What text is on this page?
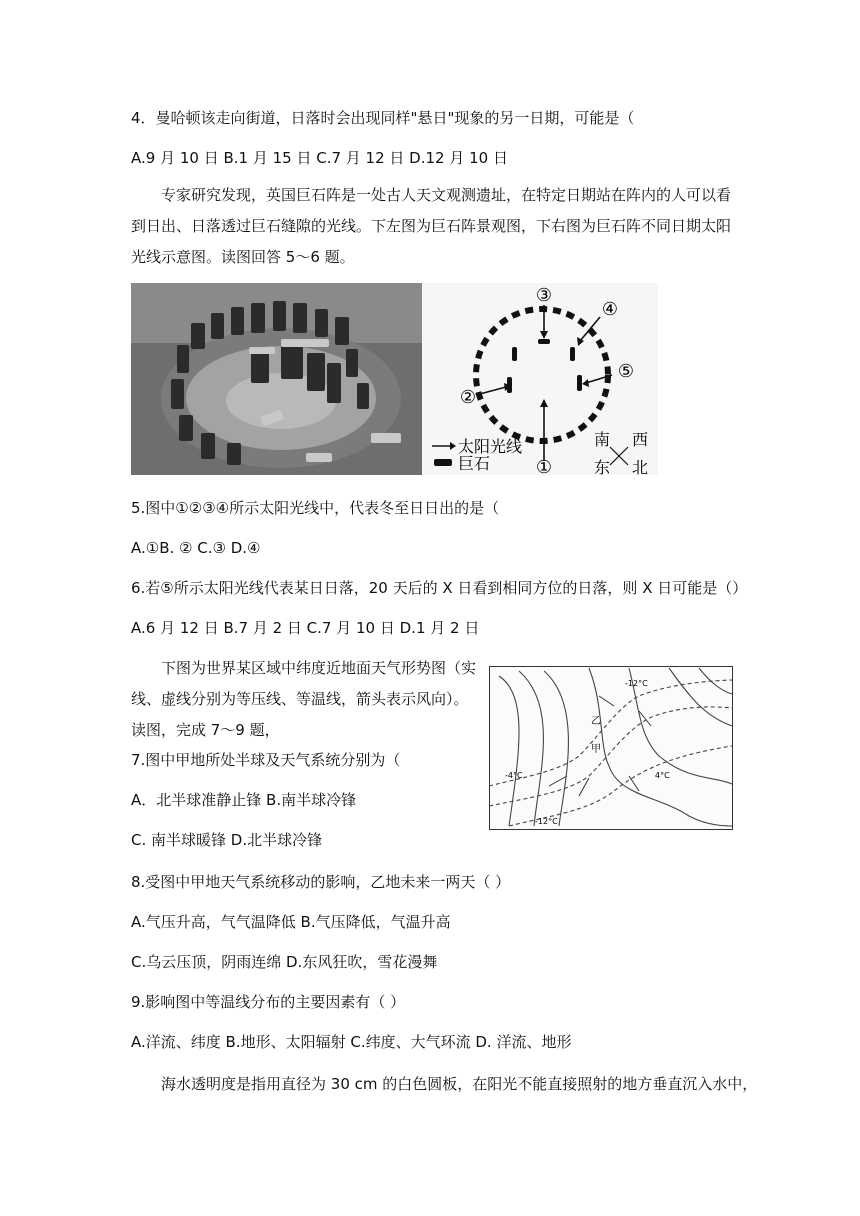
4．曼哈顿该走向街道，日落时会出现同样"悬日"现象的另一日期，可能是（
A.9 月 10 日 B.1 月 15 日 C.7 月 12 日 D.12 月 10 日
专家研究发现，英国巨石阵是一处古人天文观测遗址，在特定日期站在阵内的人可以看到日出、日落透过巨石缝隙的光线。下左图为巨石阵景观图，下右图为巨石阵不同日期太阳光线示意图。读图回答 5～6 题。
③
④
②
⑤
①
太阳光线
巨石
南 西
东 北
5.图中①②③④所示太阳光线中，代表冬至日日出的是（
A.①B. ② C.③ D.④
6.若⑤所示太阳光线代表某日日落，20 天后的 X 日看到相同方位的日落，则 X 日可能是（）
A.6 月 12 日 B.7 月 2 日 C.7 月 10 日 D.1 月 2 日
下图为世界某区域中纬度近地面天气形势图（实线、虚线分别为等压线、等温线，箭头表示风向）。读图，完成 7～9 题，
-12°C
乙
甲
-4°C	4°C
-12°C
7.图中甲地所处半球及天气系统分别为（
A．北半球准静止锋 B.南半球冷锋
C. 南半球暖锋 D.北半球冷锋
8.受图中甲地天气系统移动的影响，乙地未来一两天（ ）
A.气压升高，气气温降低 B.气压降低，气温升高
C.乌云压顶，阴雨连绵 D.东风狂吹，雪花漫舞
9.影响图中等温线分布的主要因素有（ ）
A.洋流、纬度 B.地形、太阳辐射 C.纬度、大气环流 D. 洋流、地形
海水透明度是指用直径为 30 cm 的白色圆板，在阳光不能直接照射的地方垂直沉入水中，
